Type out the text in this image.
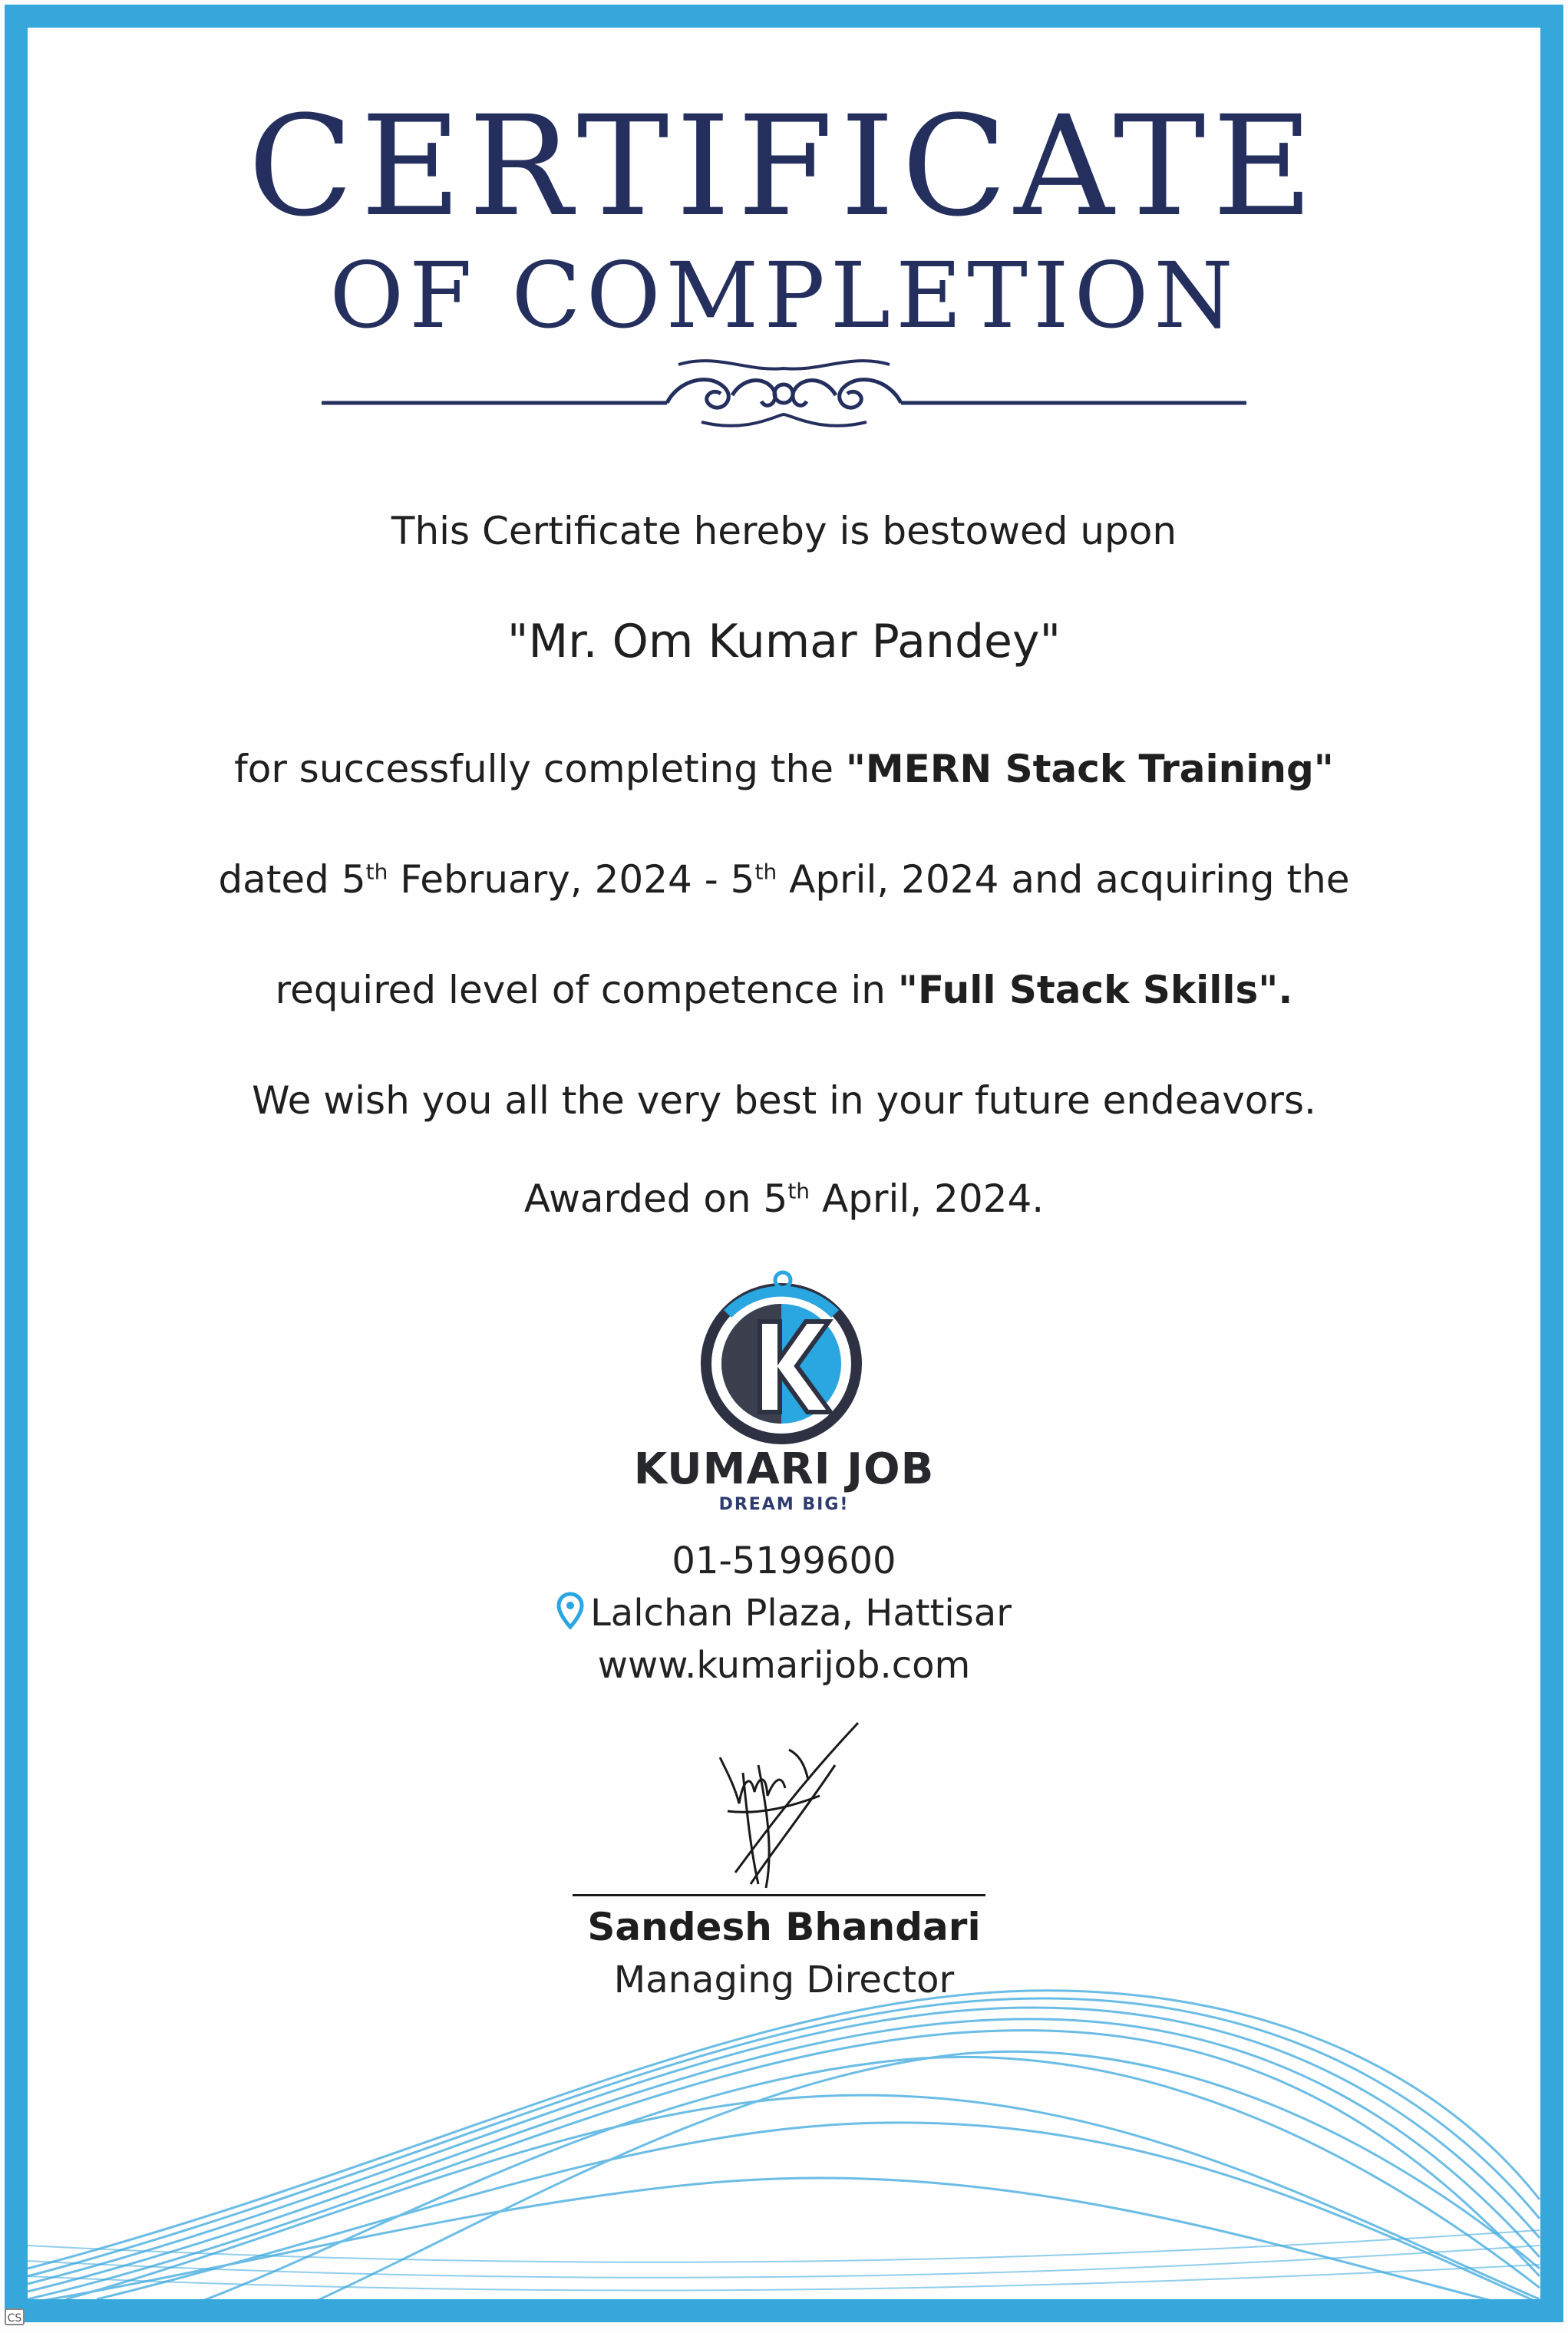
CERTIFICATE
OF COMPLETION
This Certificate hereby is bestowed upon
"Mr. Om Kumar Pandey"
for successfully completing the "MERN Stack Training"
dated 5th February, 2024 - 5th April, 2024 and acquiring the
required level of competence in "Full Stack Skills".
We wish you all the very best in your future endeavors.
Awarded on 5th April, 2024.
KUMARI JOB
DREAM BIG!
01-5199600
Lalchan Plaza, Hattisar
www.kumarijob.com
Sandesh Bhandari
Managing Director
CS
